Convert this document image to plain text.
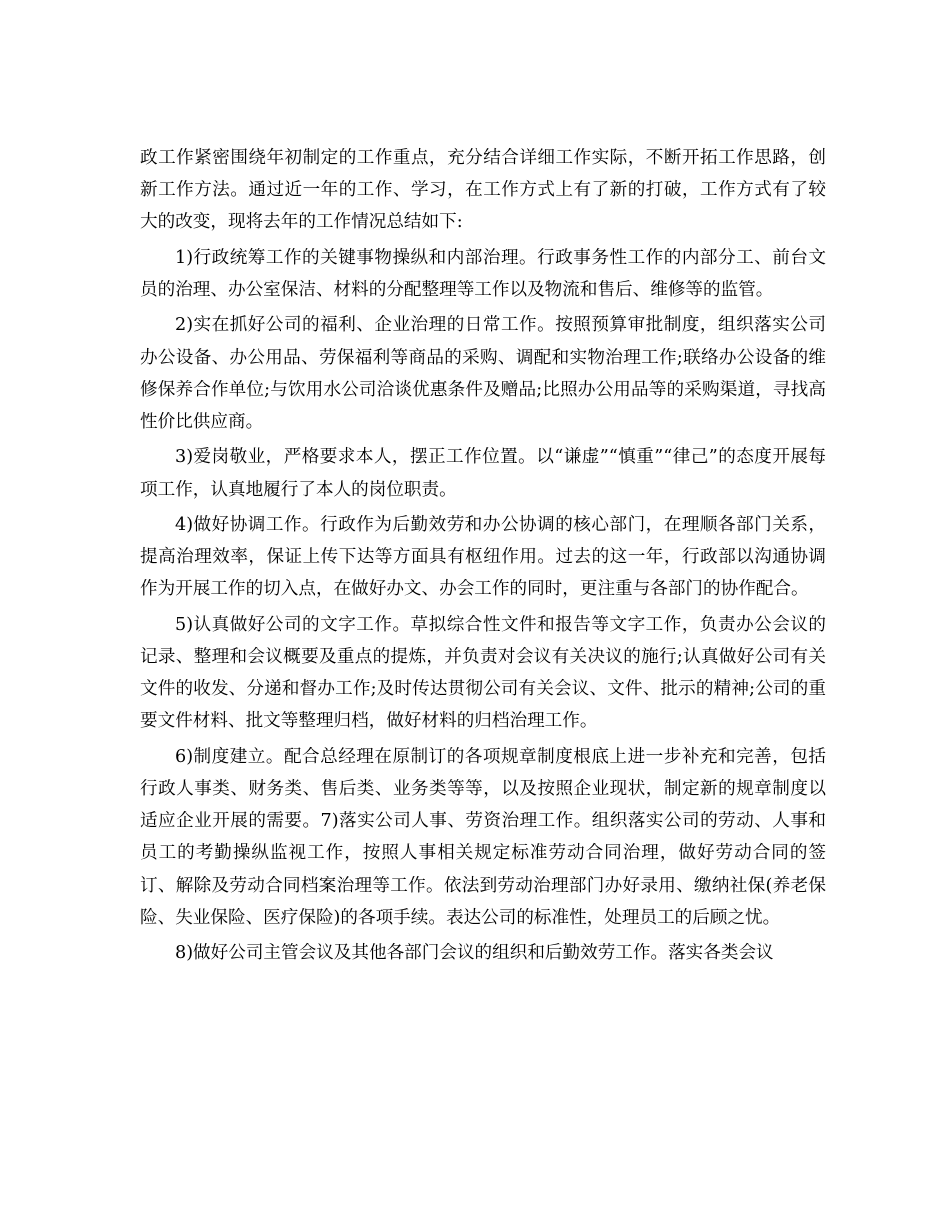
政工作紧密围绕年初制定的工作重点，充分结合详细工作实际，不断开拓工作思路，创新工作方法。通过近一年的工作、学习，在工作方式上有了新的打破，工作方式有了较大的改变，现将去年的工作情况总结如下:

1)行政统筹工作的关键事物操纵和内部治理。行政事务性工作的内部分工、前台文员的治理、办公室保洁、材料的分配整理等工作以及物流和售后、维修等的监管。

2)实在抓好公司的福利、企业治理的日常工作。按照预算审批制度，组织落实公司办公设备、办公用品、劳保福利等商品的采购、调配和实物治理工作;联络办公设备的维修保养合作单位;与饮用水公司洽谈优惠条件及赠品;比照办公用品等的采购渠道，寻找高性价比供应商。

3)爱岗敬业，严格要求本人，摆正工作位置。以“谦虚”“慎重”“律己”的态度开展每项工作，认真地履行了本人的岗位职责。

4)做好协调工作。行政作为后勤效劳和办公协调的核心部门，在理顺各部门关系，提高治理效率，保证上传下达等方面具有枢纽作用。过去的这一年，行政部以沟通协调作为开展工作的切入点，在做好办文、办会工作的同时，更注重与各部门的协作配合。

5)认真做好公司的文字工作。草拟综合性文件和报告等文字工作，负责办公会议的记录、整理和会议概要及重点的提炼，并负责对会议有关决议的施行;认真做好公司有关文件的收发、分递和督办工作;及时传达贯彻公司有关会议、文件、批示的精神;公司的重要文件材料、批文等整理归档，做好材料的归档治理工作。

6)制度建立。配合总经理在原制订的各项规章制度根底上进一步补充和完善，包括行政人事类、财务类、售后类、业务类等等，以及按照企业现状，制定新的规章制度以适应企业开展的需要。7)落实公司人事、劳资治理工作。组织落实公司的劳动、人事和员工的考勤操纵监视工作，按照人事相关规定标准劳动合同治理，做好劳动合同的签订、解除及劳动合同档案治理等工作。依法到劳动治理部门办好录用、缴纳社保(养老保险、失业保险、医疗保险)的各项手续。表达公司的标准性，处理员工的后顾之忧。

8)做好公司主管会议及其他各部门会议的组织和后勤效劳工作。落实各类会议
